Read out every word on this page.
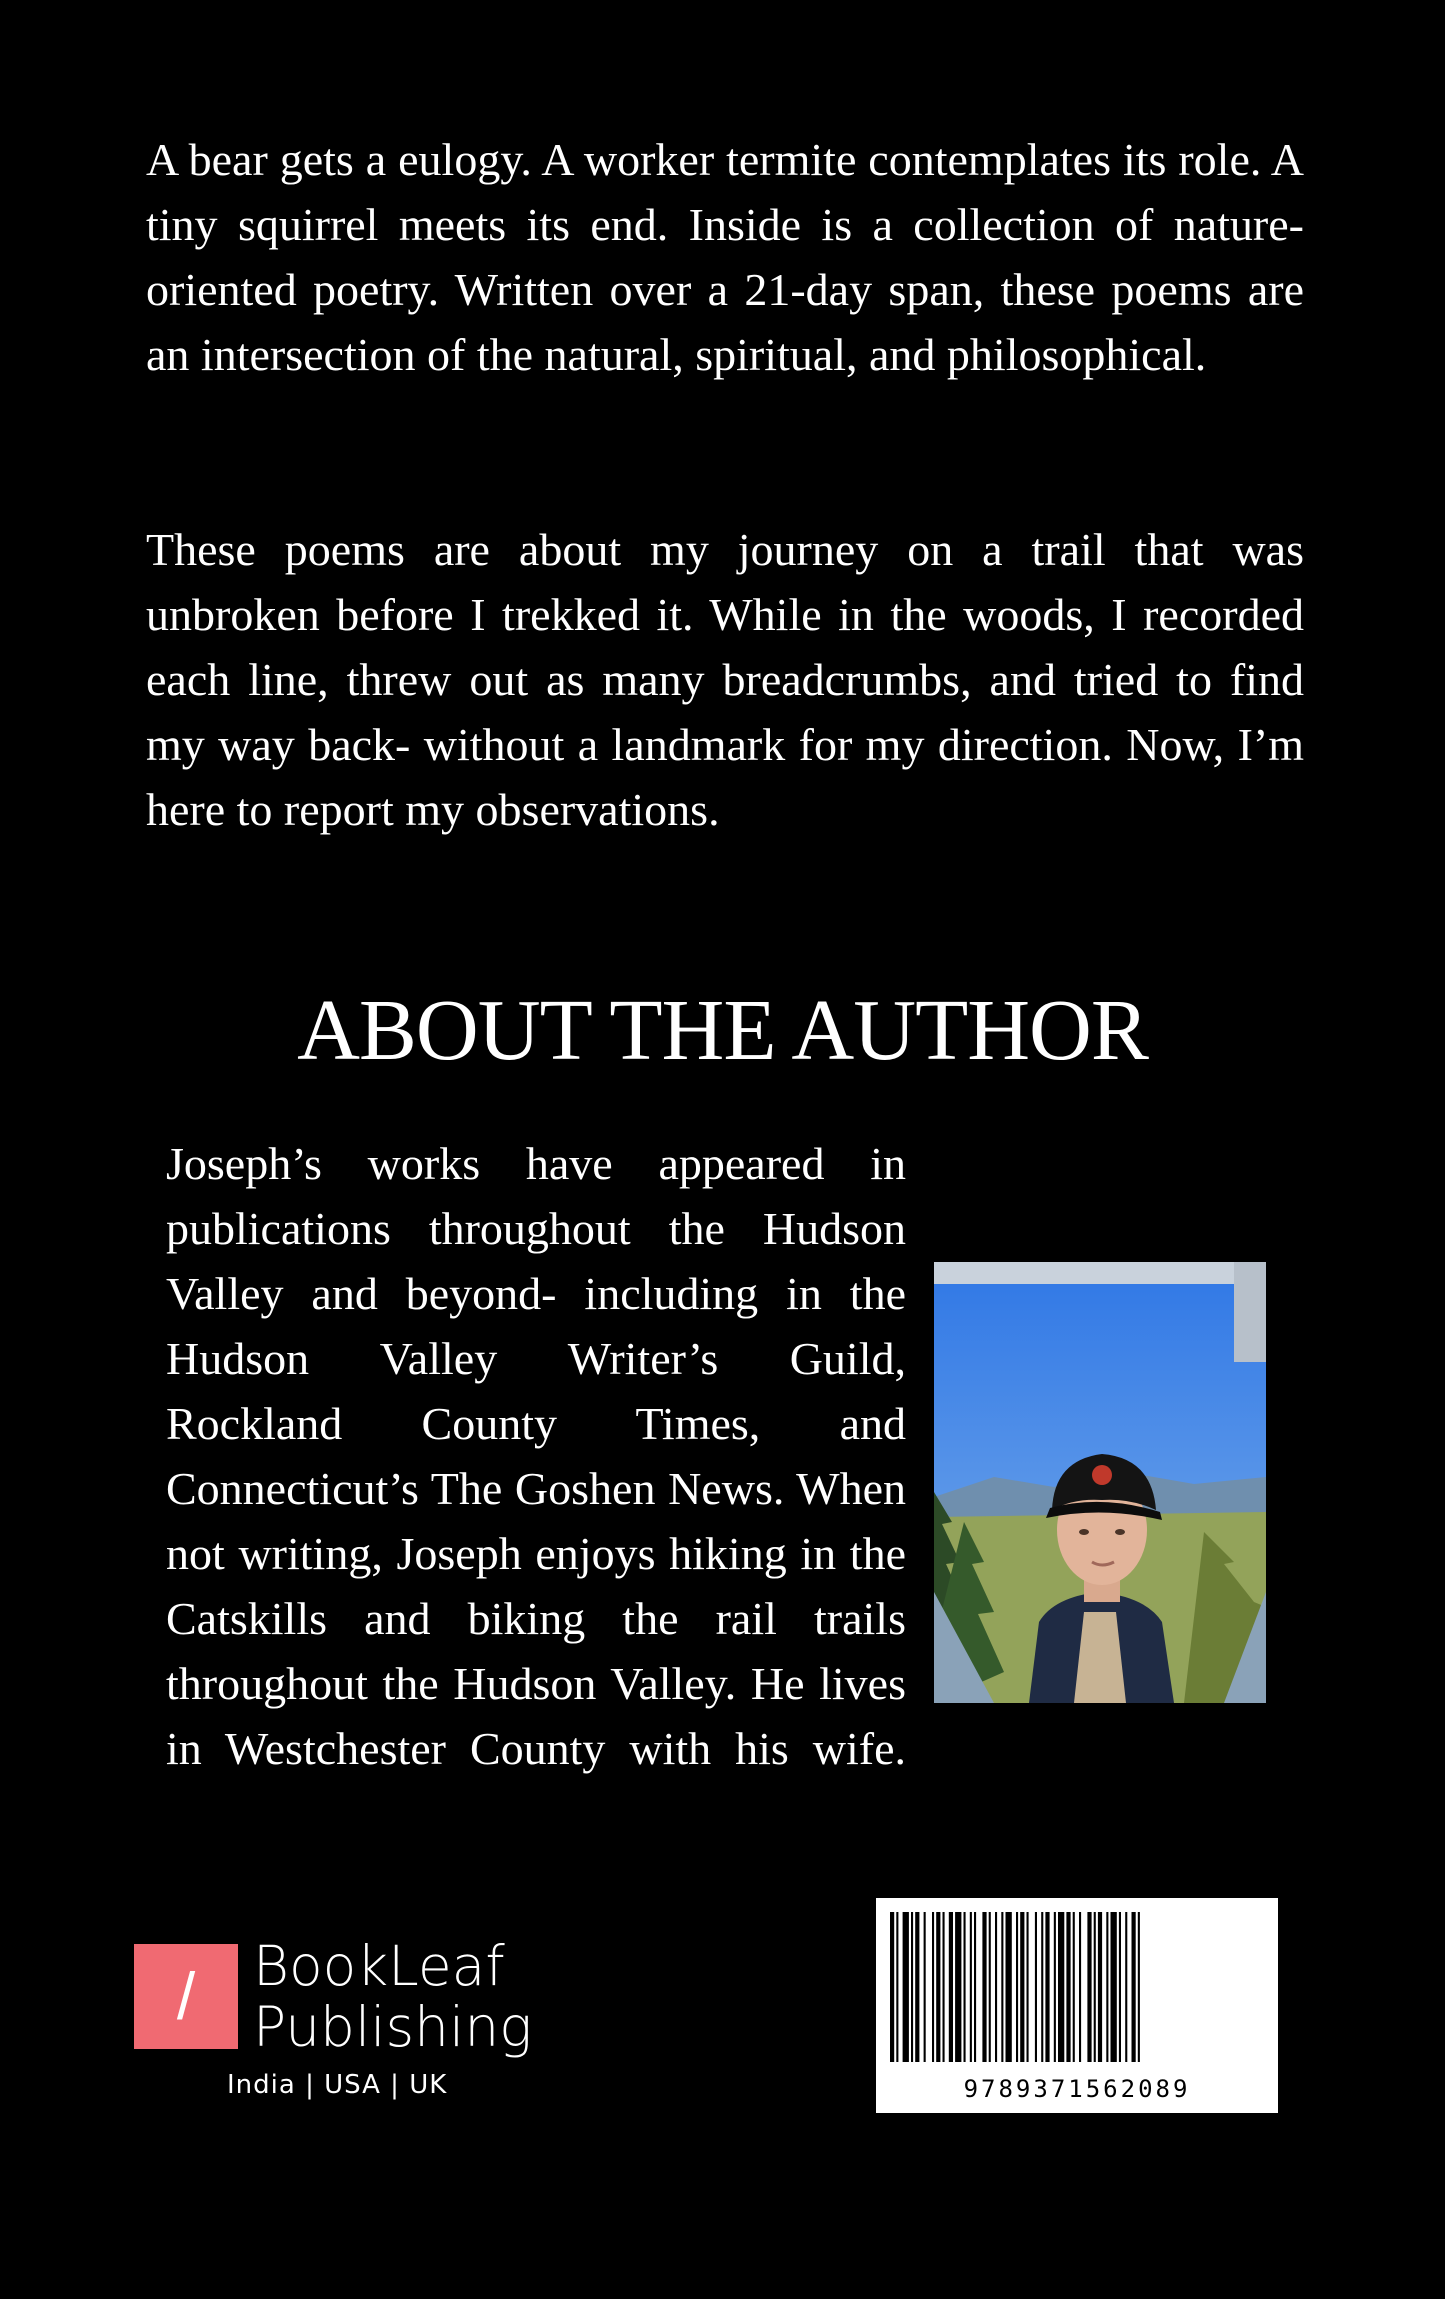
A bear gets a eulogy. A worker termite contemplates its role. A tiny squirrel meets its end. Inside is a collection of nature-oriented poetry. Written over a 21-day span, these poems are an intersection of the natural, spiritual, and philosophical.

These poems are about my journey on a trail that was unbroken before I trekked it. While in the woods, I recorded each line, threw out as many breadcrumbs, and tried to find my way back- without a landmark for my direction. Now, I’m here to report my observations.

ABOUT THE AUTHOR

Joseph’s works have appeared in publications throughout the Hudson Valley and beyond- including in the Hudson Valley Writer’s Guild, Rockland County Times, and Connecticut’s The Goshen News. When not writing, Joseph enjoys hiking in the Catskills and biking the rail trails throughout the Hudson Valley. He lives in Westchester County with his wife.

/	BookLeaf
Publishing
India | USA | UK	9789371562089
